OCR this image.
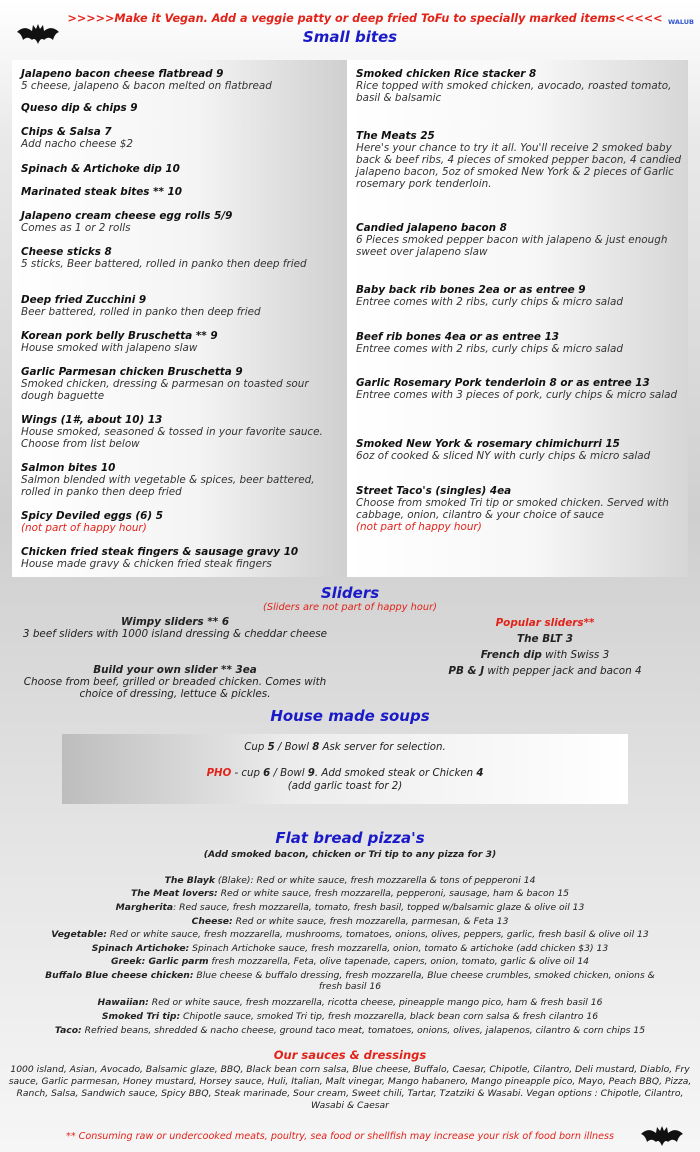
>>>>>Make it Vegan. Add a veggie patty or deep fried ToFu to specially marked items<<<<< WALUB
Small bites
Jalapeno bacon cheese flatbread 9
5 cheese, jalapeno & bacon melted on flatbread
Queso dip & chips 9
Chips & Salsa 7
Add nacho cheese $2
Spinach & Artichoke dip 10
Marinated steak bites ** 10
Jalapeno cream cheese egg rolls 5/9
Comes as 1 or 2 rolls
Cheese sticks 8
5 sticks, Beer battered, rolled in panko then deep fried
Deep fried Zucchini 9
Beer battered, rolled in panko then deep fried
Korean pork belly Bruschetta ** 9
House smoked with jalapeno slaw
Garlic Parmesan chicken Bruschetta 9
Smoked chicken, dressing & parmesan on toasted sour dough baguette
Wings (1#, about 10) 13
House smoked, seasoned & tossed in your favorite sauce. Choose from list below
Salmon bites 10
Salmon blended with vegetable & spices, beer battered, rolled in panko then deep fried
Spicy Deviled eggs (6) 5
(not part of happy hour)
Chicken fried steak fingers & sausage gravy 10
House made gravy & chicken fried steak fingers
Smoked chicken Rice stacker 8
Rice topped with smoked chicken, avocado, roasted tomato, basil & balsamic
The Meats 25
Here's your chance to try it all. You'll receive 2 smoked baby back & beef ribs, 4 pieces of smoked pepper bacon, 4 candied jalapeno bacon, 5oz of smoked New York & 2 pieces of Garlic rosemary pork tenderloin.
Candied jalapeno bacon 8
6 Pieces smoked pepper bacon with jalapeno & just enough sweet over jalapeno slaw
Baby back rib bones 2ea or as entree 9
Entree comes with 2 ribs, curly chips & micro salad
Beef rib bones 4ea or as entree 13
Entree comes with 2 ribs, curly chips & micro salad
Garlic Rosemary Pork tenderloin 8 or as entree 13
Entree comes with 3 pieces of pork, curly chips & micro salad
Smoked New York & rosemary chimichurri 15
6oz of cooked & sliced NY with curly chips & micro salad
Street Taco's (singles) 4ea
Choose from smoked Tri tip or smoked chicken. Served with cabbage, onion, cilantro & your choice of sauce
(not part of happy hour)
Sliders
(Sliders are not part of happy hour)
Wimpy sliders ** 6
3 beef sliders with 1000 island dressing & cheddar cheese
Build your own slider ** 3ea
Choose from beef, grilled or breaded chicken. Comes with choice of dressing, lettuce & pickles.
Popular sliders**
The BLT 3
French dip with Swiss 3
PB & J with pepper jack and bacon 4
House made soups
Cup 5 / Bowl 8 Ask server for selection.
PHO - cup 6 / Bowl 9. Add smoked steak or Chicken 4
(add garlic toast for 2)
Flat bread pizza's
(Add smoked bacon, chicken or Tri tip to any pizza for 3)
The Blayk (Blake): Red or white sauce, fresh mozzarella & tons of pepperoni 14
The Meat lovers: Red or white sauce, fresh mozzarella, pepperoni, sausage, ham & bacon 15
Margherita: Red sauce, fresh mozzarella, tomato, fresh basil, topped w/balsamic glaze & olive oil 13
Cheese: Red or white sauce, fresh mozzarella, parmesan, & Feta 13
Vegetable: Red or white sauce, fresh mozzarella, mushrooms, tomatoes, onions, olives, peppers, garlic, fresh basil & olive oil 13
Spinach Artichoke: Spinach Artichoke sauce, fresh mozzarella, onion, tomato & artichoke (add chicken $3) 13
Greek: Garlic parm fresh mozzarella, Feta, olive tapenade, capers, onion, tomato, garlic & olive oil 14
Buffalo Blue cheese chicken: Blue cheese & buffalo dressing, fresh mozzarella, Blue cheese crumbles, smoked chicken, onions & fresh basil 16
Hawaiian: Red or white sauce, fresh mozzarella, ricotta cheese, pineapple mango pico, ham & fresh basil 16
Smoked Tri tip: Chipotle sauce, smoked Tri tip, fresh mozzarella, black bean corn salsa & fresh cilantro 16
Taco: Refried beans, shredded & nacho cheese, ground taco meat, tomatoes, onions, olives, jalapenos, cilantro & corn chips 15
Our sauces & dressings
1000 island, Asian, Avocado, Balsamic glaze, BBQ, Black bean corn salsa, Blue cheese, Buffalo, Caesar, Chipotle, Cilantro, Deli mustard, Diablo, Fry sauce, Garlic parmesan, Honey mustard, Horsey sauce, Huli, Italian, Malt vinegar, Mango habanero, Mango pineapple pico, Mayo, Peach BBQ, Pizza, Ranch, Salsa, Sandwich sauce, Spicy BBQ, Steak marinade, Sour cream, Sweet chili, Tartar, Tzatziki & Wasabi. Vegan options : Chipotle, Cilantro, Wasabi & Caesar
** Consuming raw or undercooked meats, poultry, sea food or shellfish may increase your risk of food born illness
